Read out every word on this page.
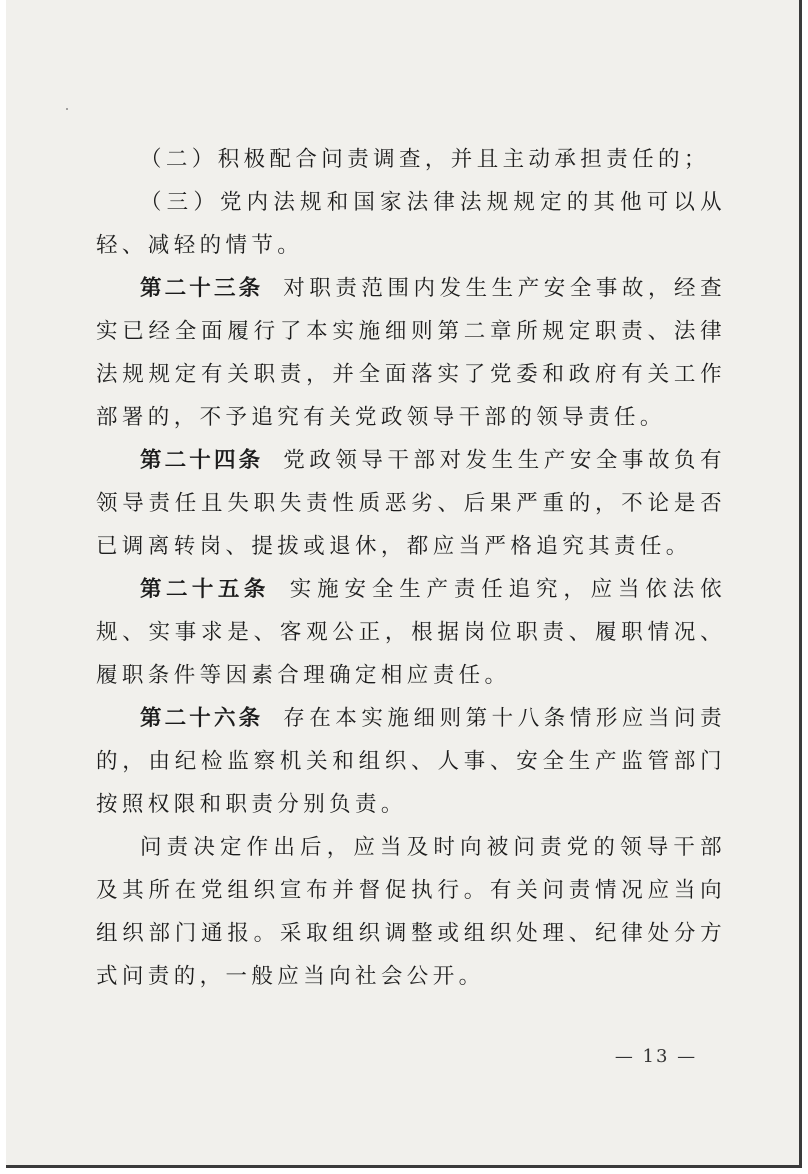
（二）积极配合问责调查，并且主动承担责任的；

（三）党内法规和国家法律法规规定的其他可以从轻、减轻的情节。

第二十三条 对职责范围内发生生产安全事故，经查实已经全面履行了本实施细则第二章所规定职责、法律法规规定有关职责，并全面落实了党委和政府有关工作部署的，不予追究有关党政领导干部的领导责任。

第二十四条 党政领导干部对发生生产安全事故负有领导责任且失职失责性质恶劣、后果严重的，不论是否已调离转岗、提拔或退休，都应当严格追究其责任。

第二十五条 实施安全生产责任追究，应当依法依规、实事求是、客观公正，根据岗位职责、履职情况、履职条件等因素合理确定相应责任。

第二十六条 存在本实施细则第十八条情形应当问责的，由纪检监察机关和组织、人事、安全生产监管部门按照权限和职责分别负责。

问责决定作出后，应当及时向被问责党的领导干部及其所在党组织宣布并督促执行。有关问责情况应当向组织部门通报。采取组织调整或组织处理、纪律处分方式问责的，一般应当向社会公开。

— 13 —
